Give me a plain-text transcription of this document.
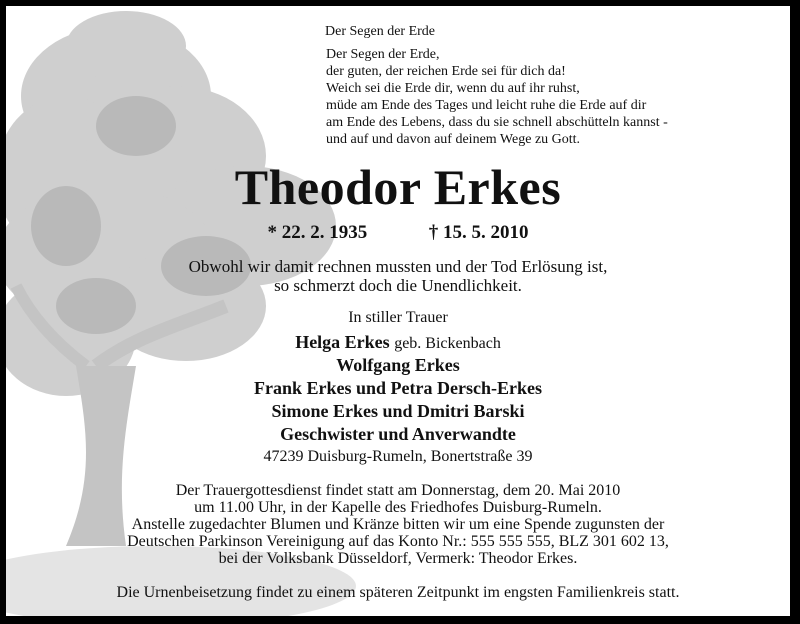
Der Segen der Erde
Der Segen der Erde,
der guten, der reichen Erde sei für dich da!
Weich sei die Erde dir, wenn du auf ihr ruhst,
müde am Ende des Tages und leicht ruhe die Erde auf dir
am Ende des Lebens, dass du sie schnell abschütteln kannst -
und auf und davon auf deinem Wege zu Gott.
Theodor Erkes
* 22. 2. 1935	† 15. 5. 2010
Obwohl wir damit rechnen mussten und der Tod Erlösung ist,
so schmerzt doch die Unendlichkeit.
In stiller Trauer
Helga Erkes geb. Bickenbach
Wolfgang Erkes
Frank Erkes und Petra Dersch-Erkes
Simone Erkes und Dmitri Barski
Geschwister und Anverwandte
47239 Duisburg-Rumeln, Bonertstraße 39
Der Trauergottesdienst findet statt am Donnerstag, dem 20. Mai 2010
um 11.00 Uhr, in der Kapelle des Friedhofes Duisburg-Rumeln.
Anstelle zugedachter Blumen und Kränze bitten wir um eine Spende zugunsten der
Deutschen Parkinson Vereinigung auf das Konto Nr.: 555 555 555, BLZ 301 602 13,
bei der Volksbank Düsseldorf, Vermerk: Theodor Erkes.
Die Urnenbeisetzung findet zu einem späteren Zeitpunkt im engsten Familienkreis statt.
